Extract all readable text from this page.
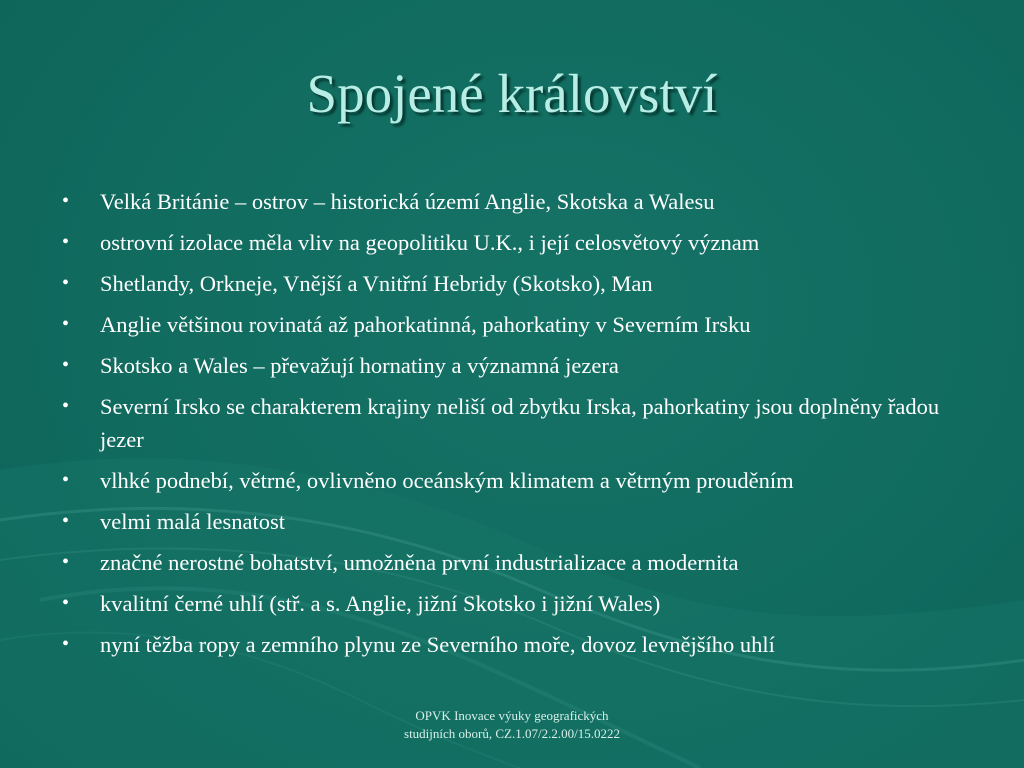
Spojené království
• Velká Británie – ostrov – historická území Anglie, Skotska a Walesu
• ostrovní izolace měla vliv na geopolitiku U.K., i její celosvětový význam
• Shetlandy, Orkneje, Vnější a Vnitřní Hebridy (Skotsko), Man
• Anglie většinou rovinatá až pahorkatinná, pahorkatiny v Severním Irsku
• Skotsko a Wales – převažují hornatiny a významná jezera
• Severní Irsko se charakterem krajiny neliší od zbytku Irska, pahorkatiny jsou doplněny řadou jezer
• vlhké podnebí, větrné, ovlivněno oceánským klimatem a větrným prouděním
• velmi malá lesnatost
• značné nerostné bohatství, umožněna první industrializace a modernita
• kvalitní černé uhlí (stř. a s. Anglie, jižní Skotsko i jižní Wales)
• nyní těžba ropy a zemního plynu ze Severního moře, dovoz levnějšího uhlí
OPVK Inovace výuky geografických
studijních oborů, CZ.1.07/2.2.00/15.0222
